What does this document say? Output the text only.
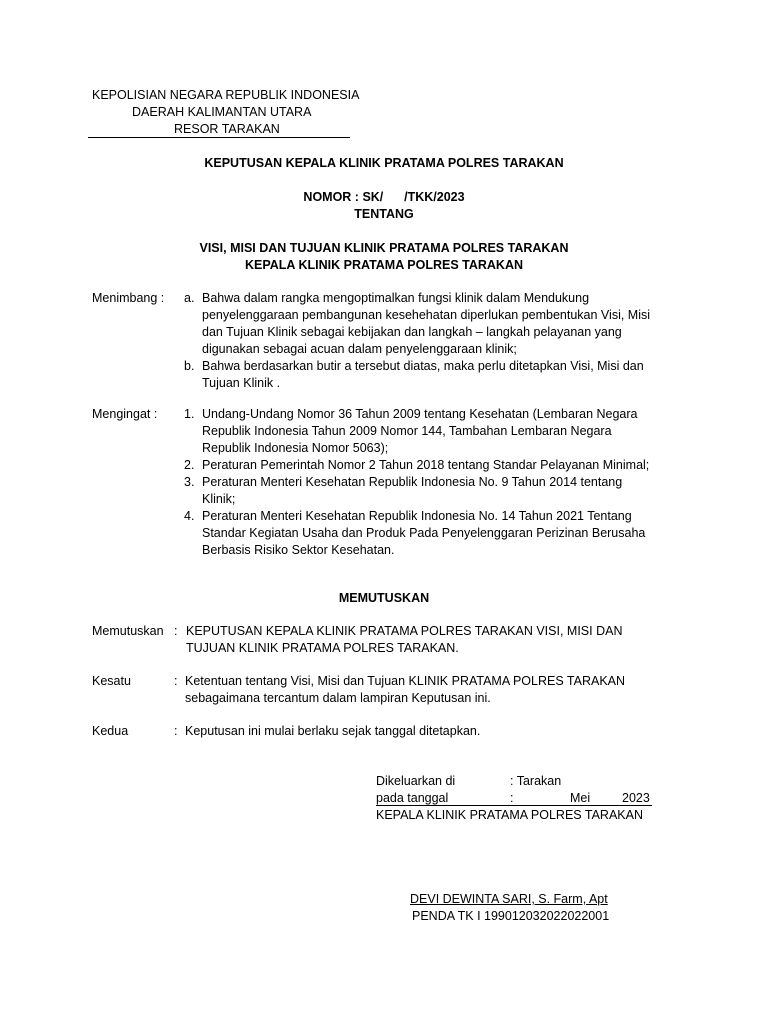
KEPOLISIAN NEGARA REPUBLIK INDONESIA
DAERAH KALIMANTAN UTARA
RESOR TARAKAN
KEPUTUSAN KEPALA KLINIK PRATAMA POLRES TARAKAN
NOMOR : SK/      /TKK/2023
TENTANG
VISI, MISI DAN TUJUAN KLINIK PRATAMA POLRES TARAKAN
KEPALA KLINIK PRATAMA POLRES TARAKAN
Menimbang : a. Bahwa dalam rangka mengoptimalkan fungsi klinik dalam Mendukung penyelenggaraan pembangunan kesehehatan diperlukan pembentukan Visi, Misi dan Tujuan Klinik sebagai kebijakan dan langkah – langkah pelayanan yang digunakan sebagai acuan dalam penyelenggaraan klinik;
b. Bahwa berdasarkan butir a tersebut diatas, maka perlu ditetapkan Visi, Misi dan Tujuan Klinik .
Mengingat : 1. Undang-Undang Nomor 36 Tahun 2009 tentang Kesehatan (Lembaran Negara Republik Indonesia Tahun 2009 Nomor 144, Tambahan Lembaran Negara Republik Indonesia Nomor 5063);
2. Peraturan Pemerintah Nomor 2 Tahun 2018 tentang Standar Pelayanan Minimal;
3. Peraturan Menteri Kesehatan Republik Indonesia No. 9 Tahun 2014 tentang Klinik;
4. Peraturan Menteri Kesehatan Republik Indonesia No. 14 Tahun 2021 Tentang Standar Kegiatan Usaha dan Produk Pada Penyelenggaran Perizinan Berusaha Berbasis Risiko Sektor Kesehatan.
MEMUTUSKAN
Memutuskan : KEPUTUSAN KEPALA KLINIK PRATAMA POLRES TARAKAN VISI, MISI DAN TUJUAN KLINIK PRATAMA POLRES TARAKAN.
Kesatu	: Ketentuan tentang Visi, Misi dan Tujuan KLINIK PRATAMA POLRES TARAKAN sebagaimana tercantum dalam lampiran Keputusan ini.
Kedua	: Keputusan ini mulai berlaku sejak tanggal ditetapkan.
Dikeluarkan di	: Tarakan
pada tanggal	:	Mei	2023
KEPALA KLINIK PRATAMA POLRES TARAKAN
DEVI DEWINTA SARI, S. Farm, Apt
PENDA TK I 199012032022022001
